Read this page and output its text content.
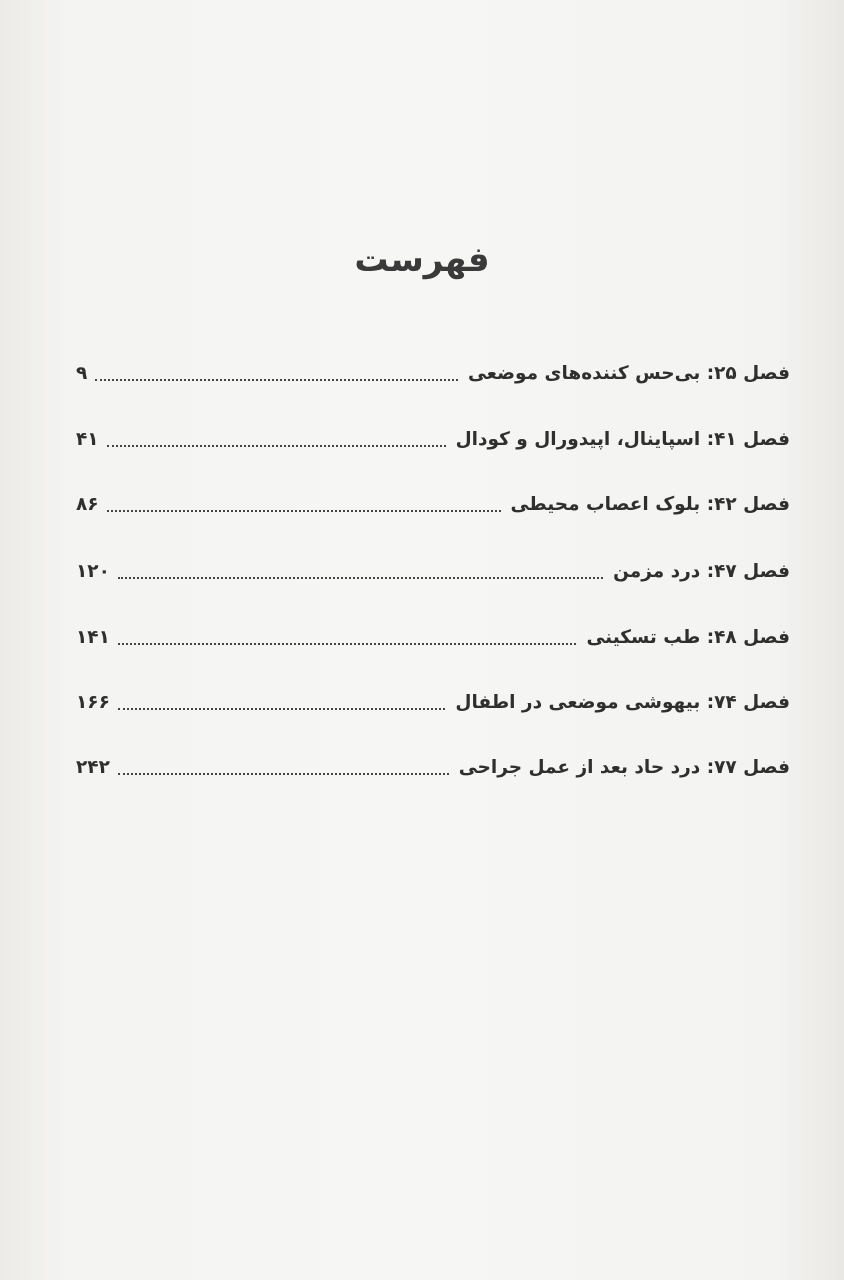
فهرست
فصل ۲۵: بی‌حس کننده‌های موضعی
۹
فصل ۴۱: اسپاینال، اپیدورال و کودال
۴۱
فصل ۴۲: بلوک اعصاب محیطی
۸۶
فصل ۴۷: درد مزمن
۱۲۰
فصل ۴۸: طب تسکینی
۱۴۱
فصل ۷۴: بیهوشی موضعی در اطفال
۱۶۶
فصل ۷۷: درد حاد بعد از عمل جراحی
۲۴۲
